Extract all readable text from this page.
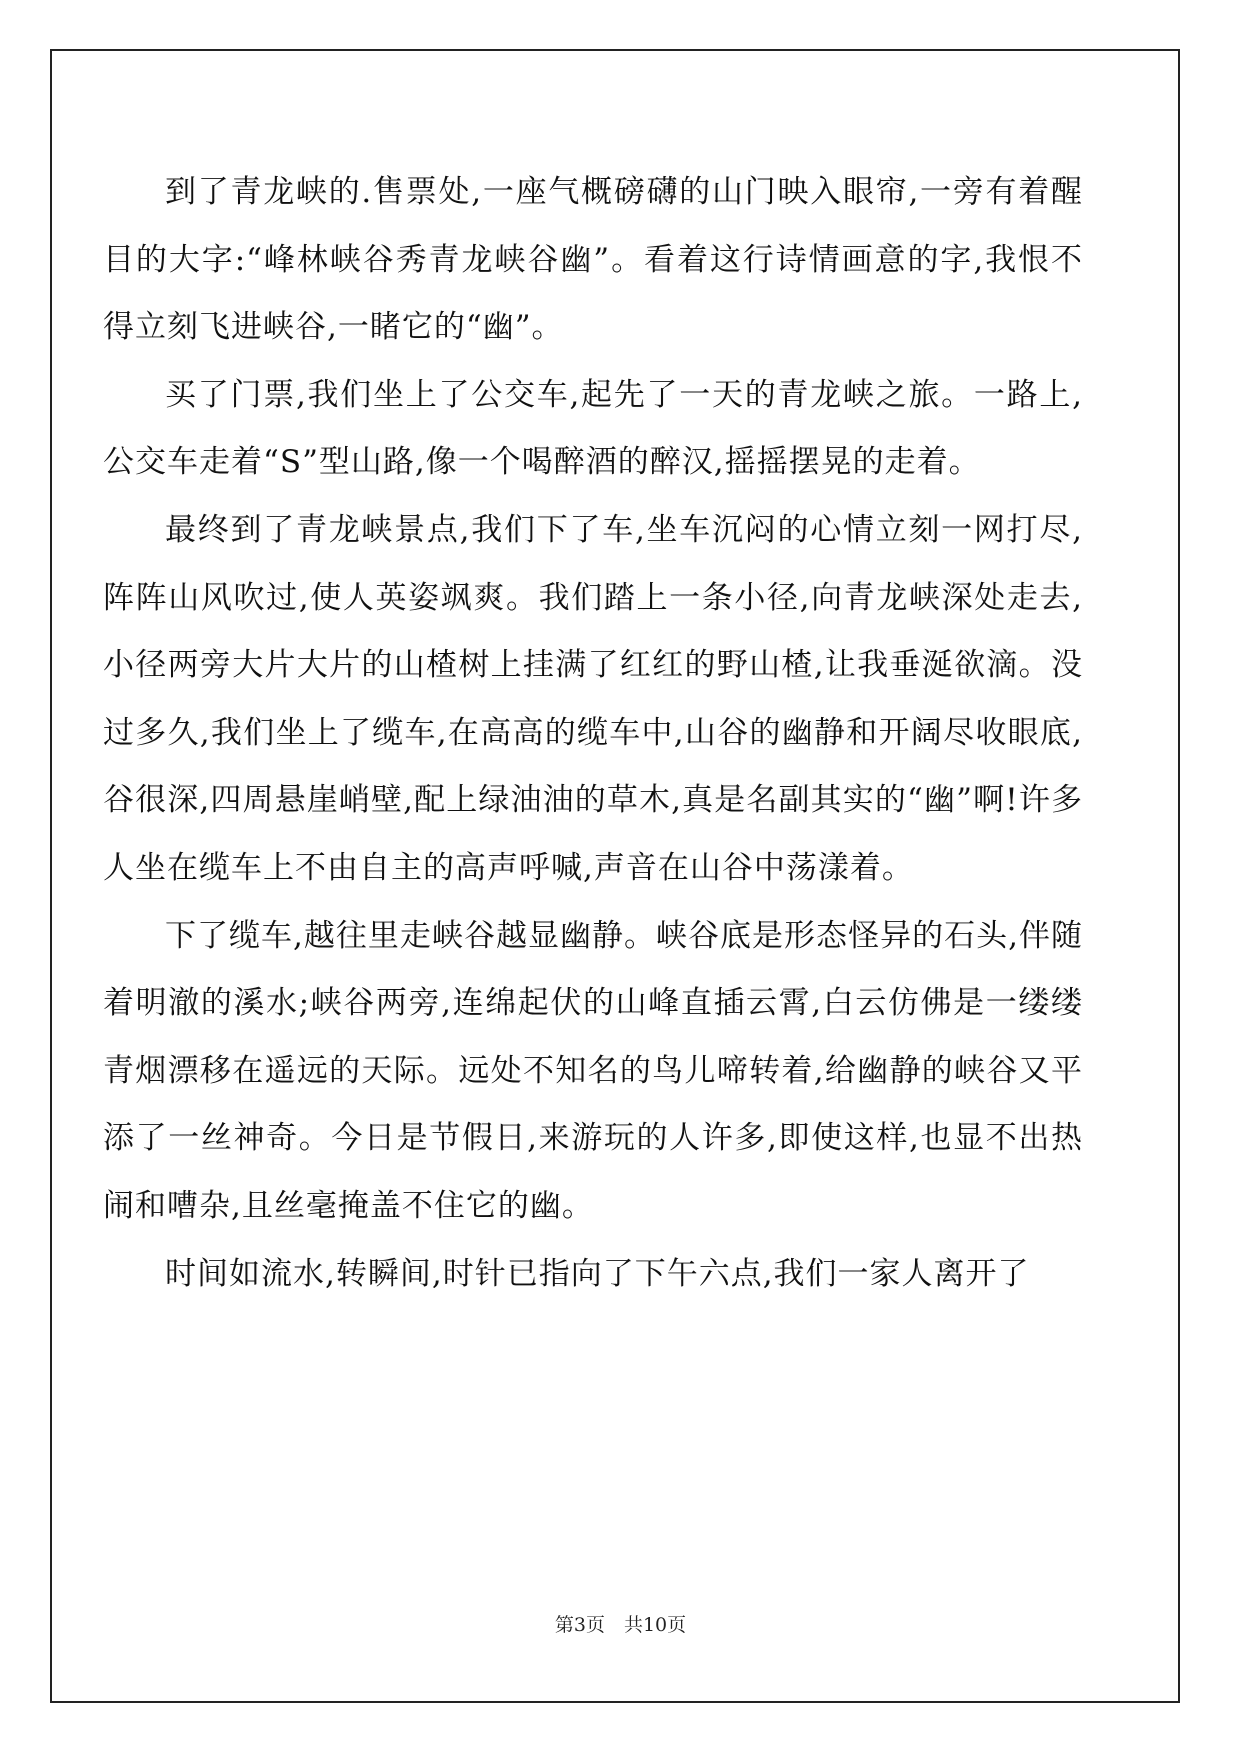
到了青龙峡的.售票处,一座气概磅礴的山门映入眼帘,一旁有着醒目的大字:“峰林峡谷秀青龙峡谷幽”。看着这行诗情画意的字,我恨不得立刻飞进峡谷,一睹它的“幽”。

买了门票,我们坐上了公交车,起先了一天的青龙峡之旅。一路上,公交车走着“S”型山路,像一个喝醉酒的醉汉,摇摇摆晃的走着。

最终到了青龙峡景点,我们下了车,坐车沉闷的心情立刻一网打尽,阵阵山风吹过,使人英姿飒爽。我们踏上一条小径,向青龙峡深处走去,小径两旁大片大片的山楂树上挂满了红红的野山楂,让我垂涎欲滴。没过多久,我们坐上了缆车,在高高的缆车中,山谷的幽静和开阔尽收眼底,谷很深,四周悬崖峭壁,配上绿油油的草木,真是名副其实的“幽”啊!许多人坐在缆车上不由自主的高声呼喊,声音在山谷中荡漾着。

下了缆车,越往里走峡谷越显幽静。峡谷底是形态怪异的石头,伴随着明澈的溪水;峡谷两旁,连绵起伏的山峰直插云霄,白云仿佛是一缕缕青烟漂移在遥远的天际。远处不知名的鸟儿啼转着,给幽静的峡谷又平添了一丝神奇。今日是节假日,来游玩的人许多,即使这样,也显不出热闹和嘈杂,且丝毫掩盖不住它的幽。

时间如流水,转瞬间,时针已指向了下午六点,我们一家人离开了

第3页　共10页
